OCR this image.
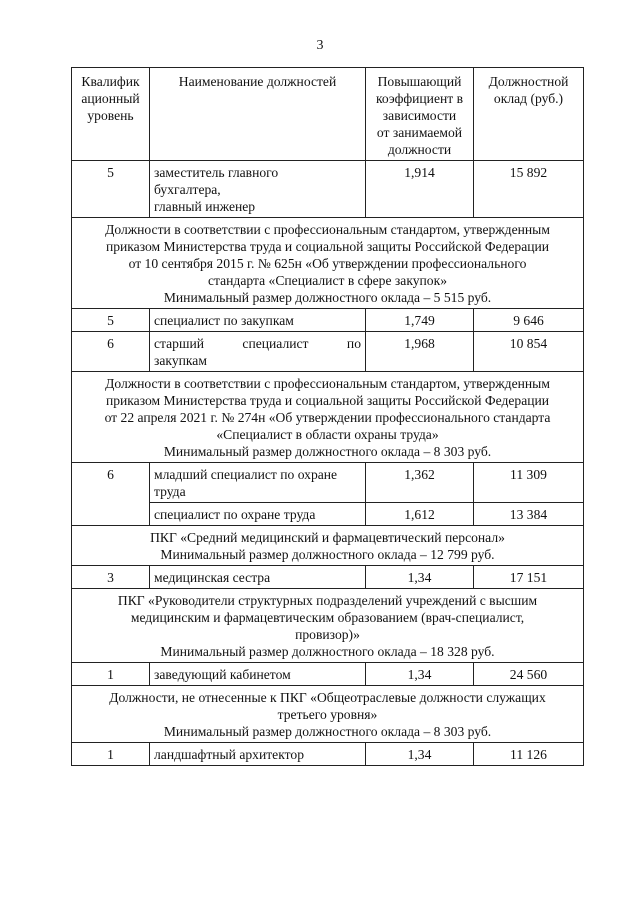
3
Квалифик
ационный
уровень	Наименование должностей	Повышающий
коэффициент в
зависимости
от занимаемой
должности	Должностной
оклад (руб.)

5	заместитель главного
бухгалтера,
главный инженер	1,914	15 892

Должности в соответствии с профессиональным стандартом, утвержденным
приказом Министерства труда и социальной защиты Российской Федерации
от 10 сентября 2015 г. № 625н «Об утверждении профессионального
стандарта «Специалист в сфере закупок»
Минимальный размер должностного оклада – 5 515 руб.			

5	специалист по закупкам	1,749	9 646
6	старший специалист по
закупкам	1,968	10 854

Должности в соответствии с профессиональным стандартом, утвержденным
приказом Министерства труда и социальной защиты Российской Федерации
от 22 апреля 2021 г. № 274н «Об утверждении профессионального стандарта
«Специалист в области охраны труда»
Минимальный размер должностного оклада – 8 303 руб.			

6	младший специалист по охране
труда	1,362	11 309

	специалист по охране труда	1,612	13 384

ПКГ «Средний медицинский и фармацевтический персонал»
Минимальный размер должностного оклада – 12 799 руб.			

3	медицинская сестра	1,34	17 151

ПКГ «Руководители структурных подразделений учреждений с высшим
медицинским и фармацевтическим образованием (врач-специалист,
провизор)»
Минимальный размер должностного оклада – 18 328 руб.			

1	заведующий кабинетом	1,34	24 560

Должности, не отнесенные к ПКГ «Общеотраслевые должности служащих
третьего уровня»
Минимальный размер должностного оклада – 8 303 руб.			

1	ландшафтный архитектор	1,34	11 126
